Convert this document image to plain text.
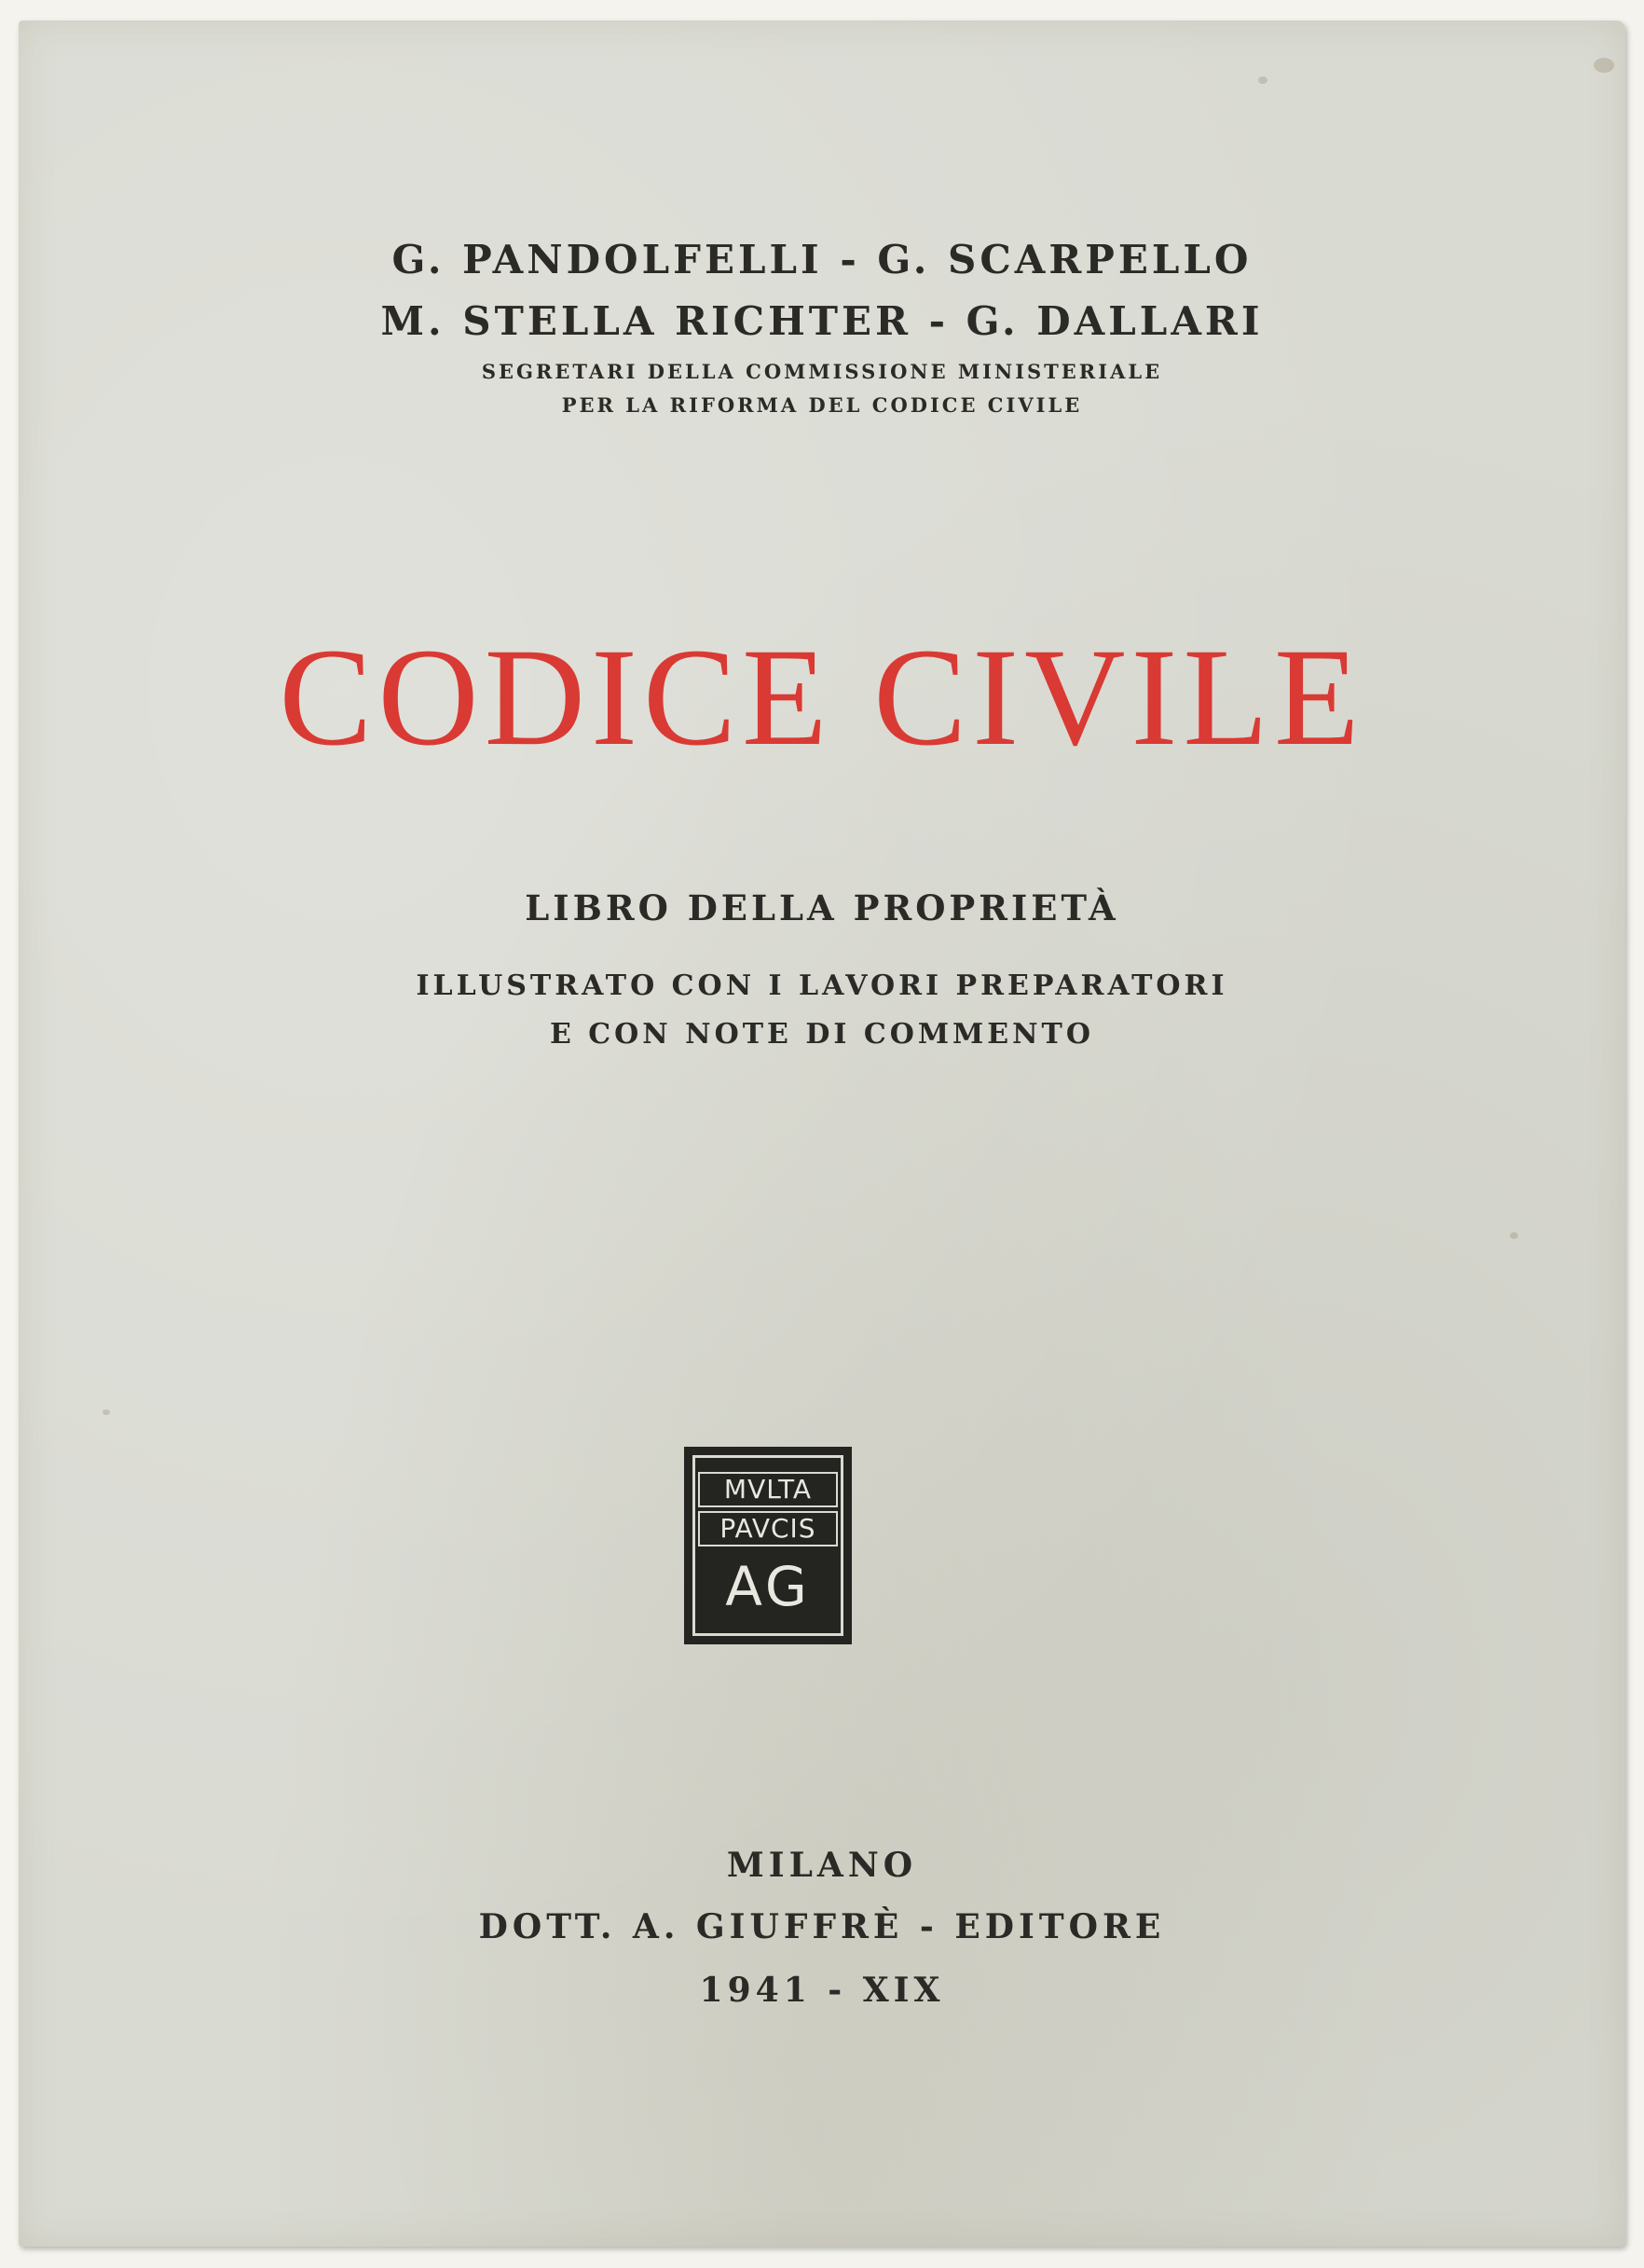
G. PANDOLFELLI - G. SCARPELLO

M. STELLA RICHTER - G. DALLARI

SEGRETARI DELLA COMMISSIONE MINISTERIALE

PER LA RIFORMA DEL CODICE CIVILE

CODICE CIVILE

LIBRO DELLA PROPRIETÀ

ILLUSTRATO CON I LAVORI PREPARATORI

E CON NOTE DI COMMENTO

MVLTA
PAVCIS
AG

MILANO

DOTT. A. GIUFFRÈ - EDITORE

1941 - XIX
